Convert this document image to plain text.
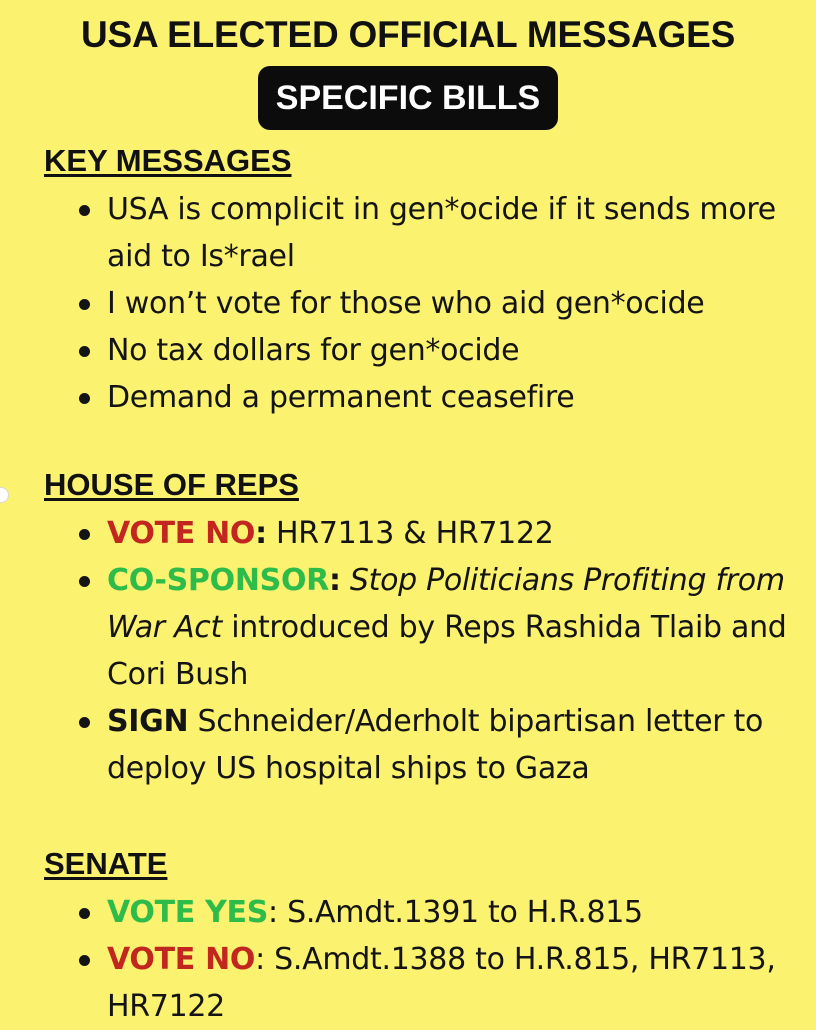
USA ELECTED OFFICIAL MESSAGES
SPECIFIC BILLS
KEY MESSAGES
USA is complicit in gen*ocide if it sends more aid to Is*rael
I won’t vote for those who aid gen*ocide
No tax dollars for gen*ocide
Demand a permanent ceasefire
HOUSE OF REPS
VOTE NO: HR7113 & HR7122
CO-SPONSOR: Stop Politicians Profiting from War Act introduced by Reps Rashida Tlaib and Cori Bush
SIGN Schneider/Aderholt bipartisan letter to deploy US hospital ships to Gaza
SENATE
VOTE YES: S.Amdt.1391 to H.R.815
VOTE NO: S.Amdt.1388 to H.R.815, HR7113, HR7122
